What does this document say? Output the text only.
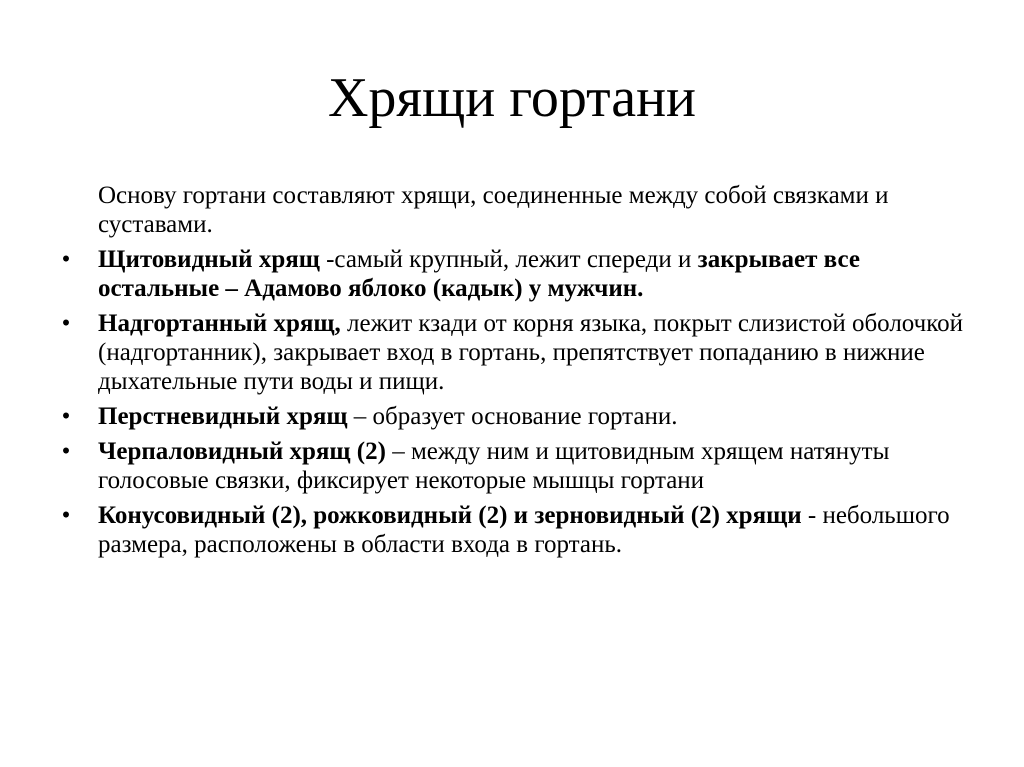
Хрящи гортани

Основу гортани составляют хрящи, соединенные между собой связками и суставами.

• Щитовидный хрящ -самый крупный, лежит спереди и закрывает все остальные – Адамово яблоко (кадык) у мужчин.
• Надгортанный хрящ, лежит кзади от корня языка, покрыт слизистой оболочкой (надгортанник), закрывает вход в гортань, препятствует попаданию в нижние дыхательные пути воды и пищи.
• Перстневидный хрящ – образует основание гортани.
• Черпаловидный хрящ (2) – между ним и щитовидным хрящем натянуты голосовые связки, фиксирует некоторые мышцы гортани
• Конусовидный (2), рожковидный (2) и зерновидный (2) хрящи - небольшого размера, расположены в области входа в гортань.
